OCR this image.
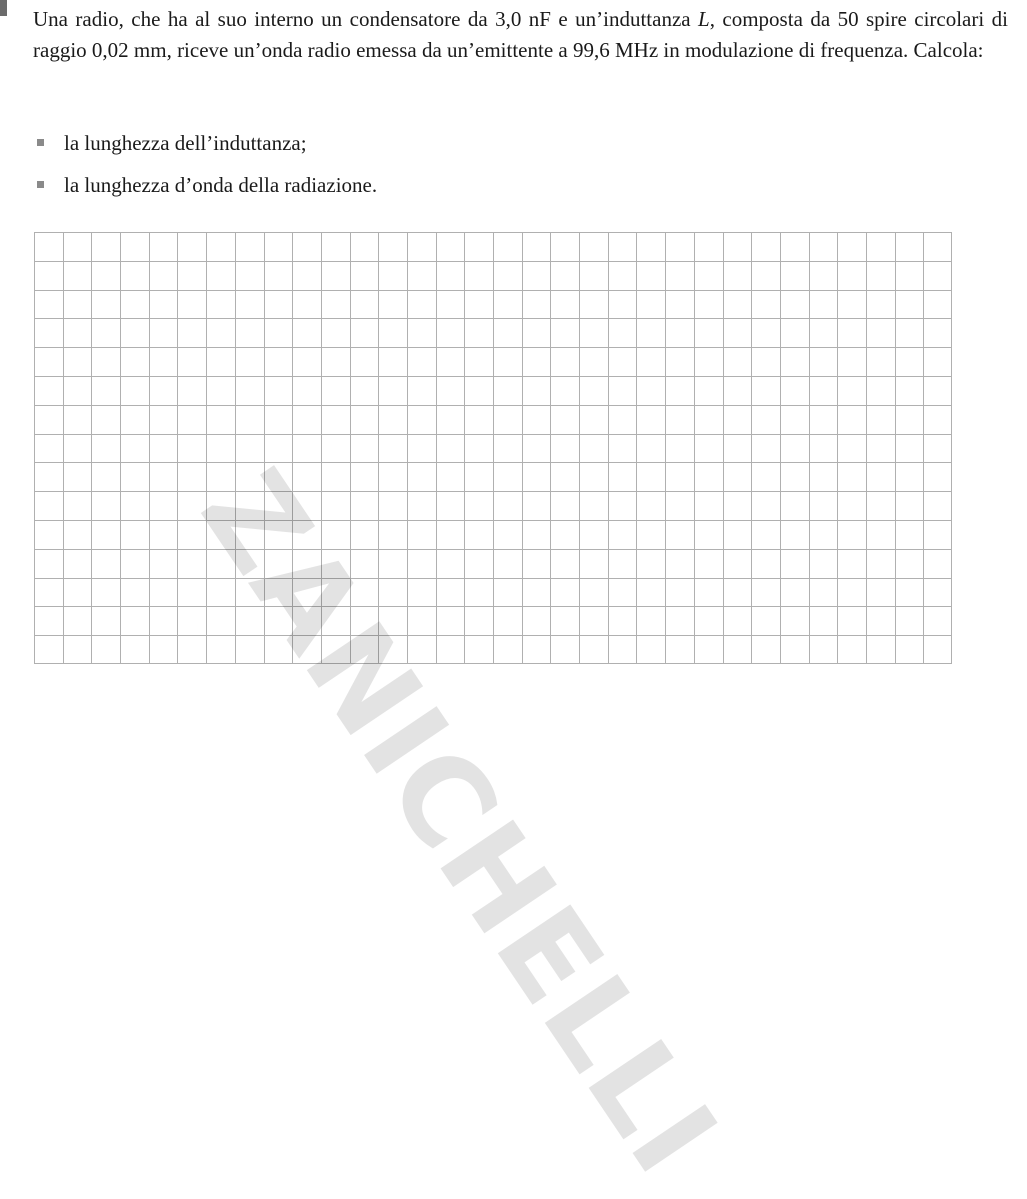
Una radio, che ha al suo interno un condensatore da 3,0 nF e un’induttanza L, composta da 50 spire circolari di raggio 0,02 mm, riceve un’onda radio emessa da un’emittente a 99,6 MHz in modulazione di frequenza. Calcola:

la lunghezza dell’induttanza;
la lunghezza d’onda della radiazione.
ZANICHELLI
